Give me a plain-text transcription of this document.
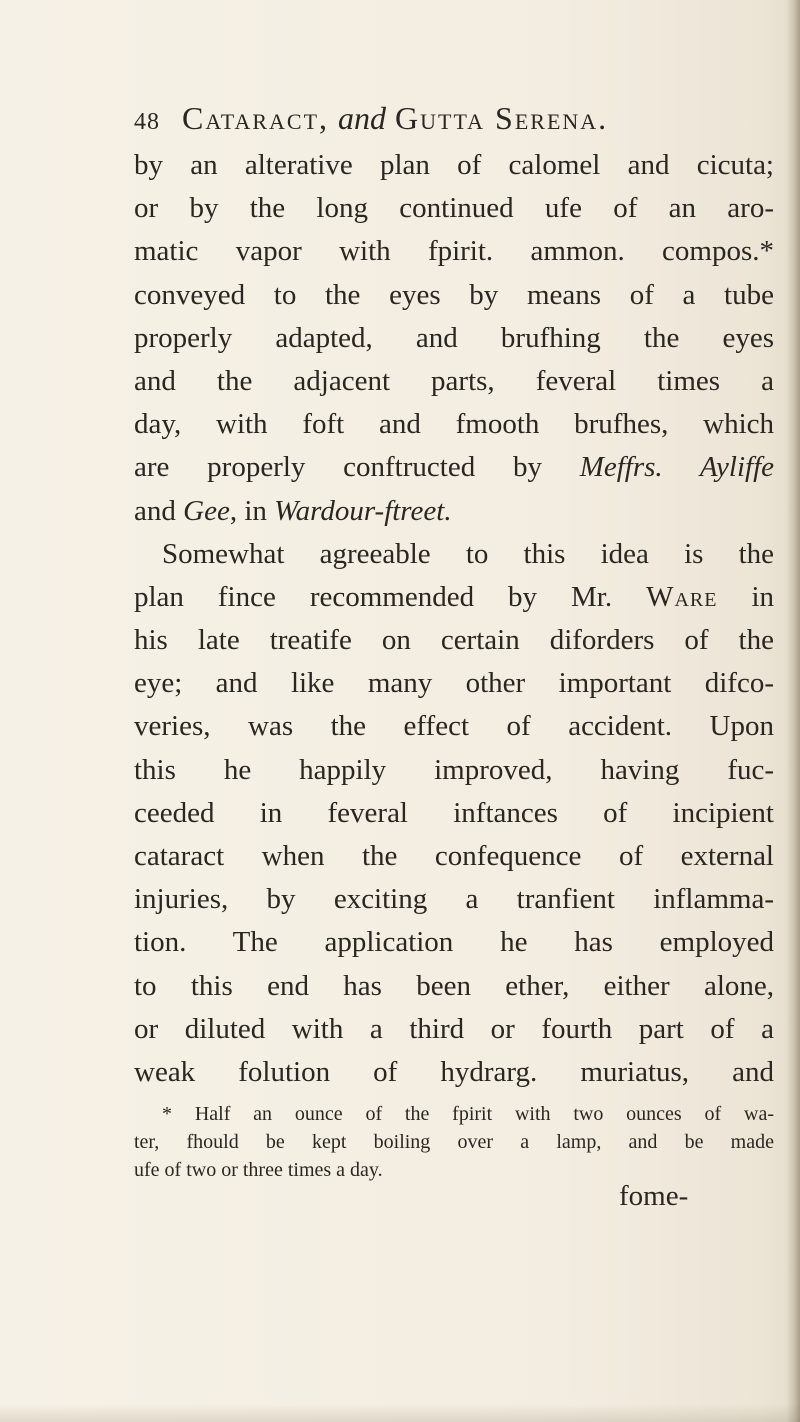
48 Cataract, and Gutta Serena.
by an alterative plan of calomel and cicuta;
or by the long continued ufe of an aro-
matic vapor with fpirit. ammon. compos.*
conveyed to the eyes by means of a tube
properly adapted, and brufhing the eyes
and the adjacent parts, feveral times a
day, with foft and fmooth brufhes, which
are properly conftructed by Meffrs. Ayliffe
and Gee, in Wardour-ftreet.
Somewhat agreeable to this idea is the
plan fince recommended by Mr. Ware in
his late treatife on certain diforders of the
eye; and like many other important difco-
veries, was the effect of accident. Upon
this he happily improved, having fuc-
ceeded in feveral inftances of incipient
cataract when the confequence of external
injuries, by exciting a tranfient inflamma-
tion. The application he has employed
to this end has been ether, either alone,
or diluted with a third or fourth part of a
weak folution of hydrarg. muriatus, and
* Half an ounce of the fpirit with two ounces of wa-
ter, fhould be kept boiling over a lamp, and be made
ufe of two or three times a day.
fome-
